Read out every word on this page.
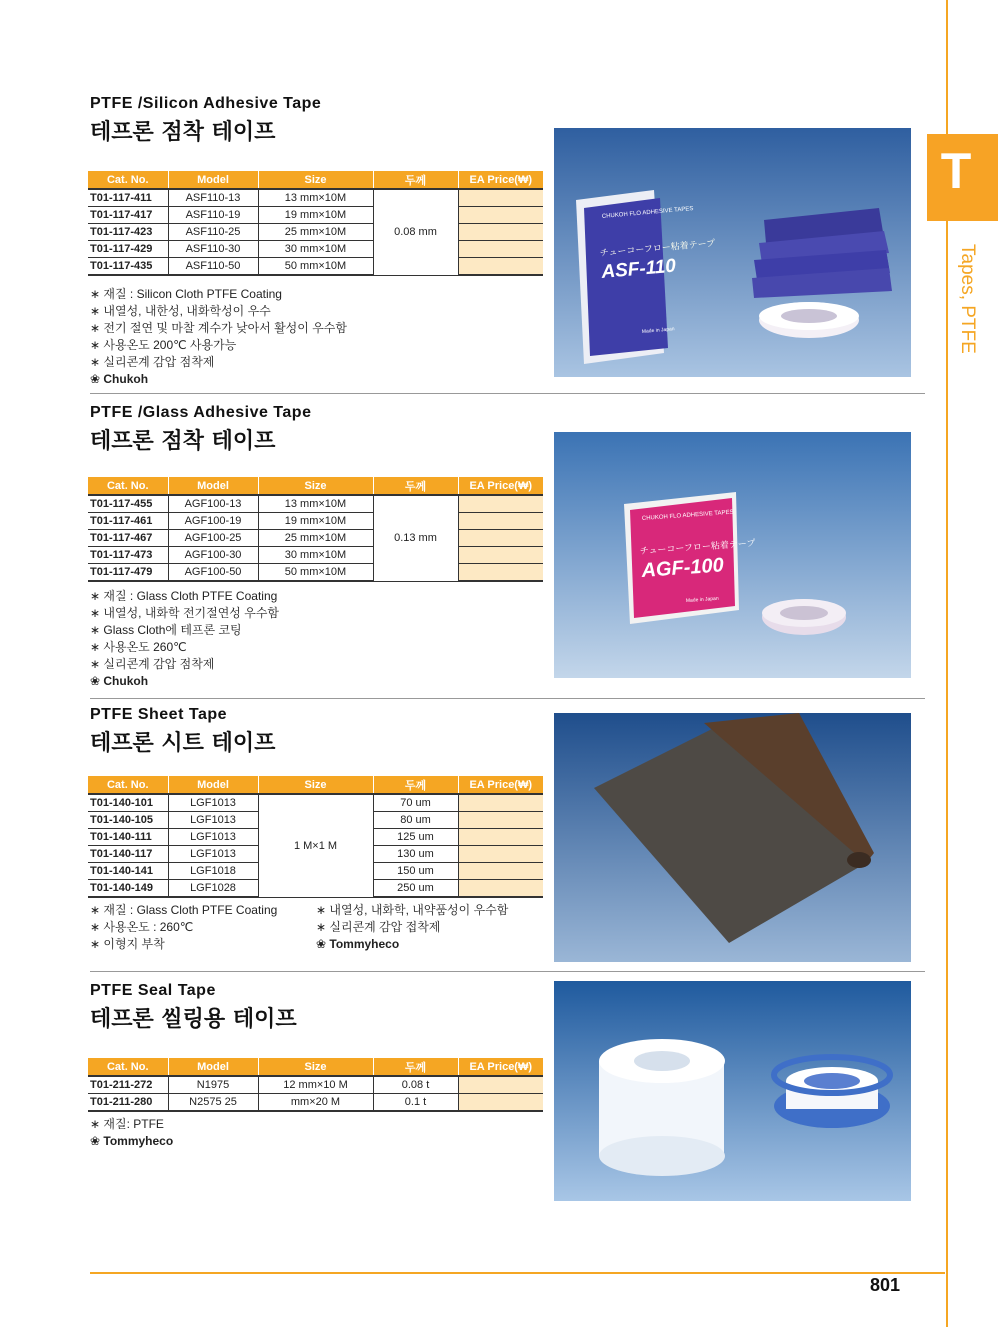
T
Tapes, PTFE
PTFE /Silicon Adhesive Tape
테프론 점착 테이프
Cat. No.	Model	Size	두께	EA Price(₩)
T01-117-411	ASF110-13	13 mm×10M	0.08 mm	
T01-117-417	ASF110-19	19 mm×10M		
T01-117-423	ASF110-25	25 mm×10M		
T01-117-429	ASF110-30	30 mm×10M		
T01-117-435	ASF110-50	50 mm×10M		
∗ 재질 : Silicon Cloth PTFE Coating
∗ 내열성, 내한성, 내화학성이 우수
∗ 전기 절연 및 마찰 계수가 낮아서 활성이 우수함
∗ 사용온도 200℃ 사용가능
∗ 실리콘계 감압 점착제
❀ Chukoh
CHUKOH FLO ADHESIVE TAPES
チューコーフロー粘着テープ
ASF-110
Made in Japan
PTFE /Glass Adhesive Tape
테프론 점착 테이프
Cat. No.	Model	Size	두께	EA Price(₩)
T01-117-455	AGF100-13	13 mm×10M	0.13 mm	
T01-117-461	AGF100-19	19 mm×10M		
T01-117-467	AGF100-25	25 mm×10M		
T01-117-473	AGF100-30	30 mm×10M		
T01-117-479	AGF100-50	50 mm×10M		
∗ 재질 : Glass Cloth PTFE Coating
∗ 내열성, 내화학 전기절연성 우수함
∗ Glass Cloth에 테프론 코팅
∗ 사용온도 260℃
∗ 실리콘계 감압 점착제
❀ Chukoh
CHUKOH FLO ADHESIVE TAPES
チューコーフロー粘着テープ
AGF-100
Made in Japan
PTFE Sheet Tape
테프론 시트 테이프
Cat. No.	Model	Size	두께	EA Price(₩)
T01-140-101	LGF1013	1 M×1 M	70 um	
T01-140-105	LGF1013		80 um	
T01-140-111	LGF1013		125 um	
T01-140-117	LGF1013		130 um	
T01-140-141	LGF1018		150 um	
T01-140-149	LGF1028		250 um	
∗ 재질 : Glass Cloth PTFE Coating
∗ 사용온도 : 260℃
∗ 이형지 부착
∗ 내열성, 내화학, 내약품성이 우수함
∗ 실리콘계 감압 접착제
❀ Tommyheco
PTFE Seal Tape
테프론 씰링용 테이프
Cat. No.	Model	Size	두께	EA Price(₩)
T01-211-272	N1975	12 mm×10 M	0.08 t	
T01-211-280	N2575 25	mm×20 M	0.1 t	
∗ 재질: PTFE
❀ Tommyheco
801
